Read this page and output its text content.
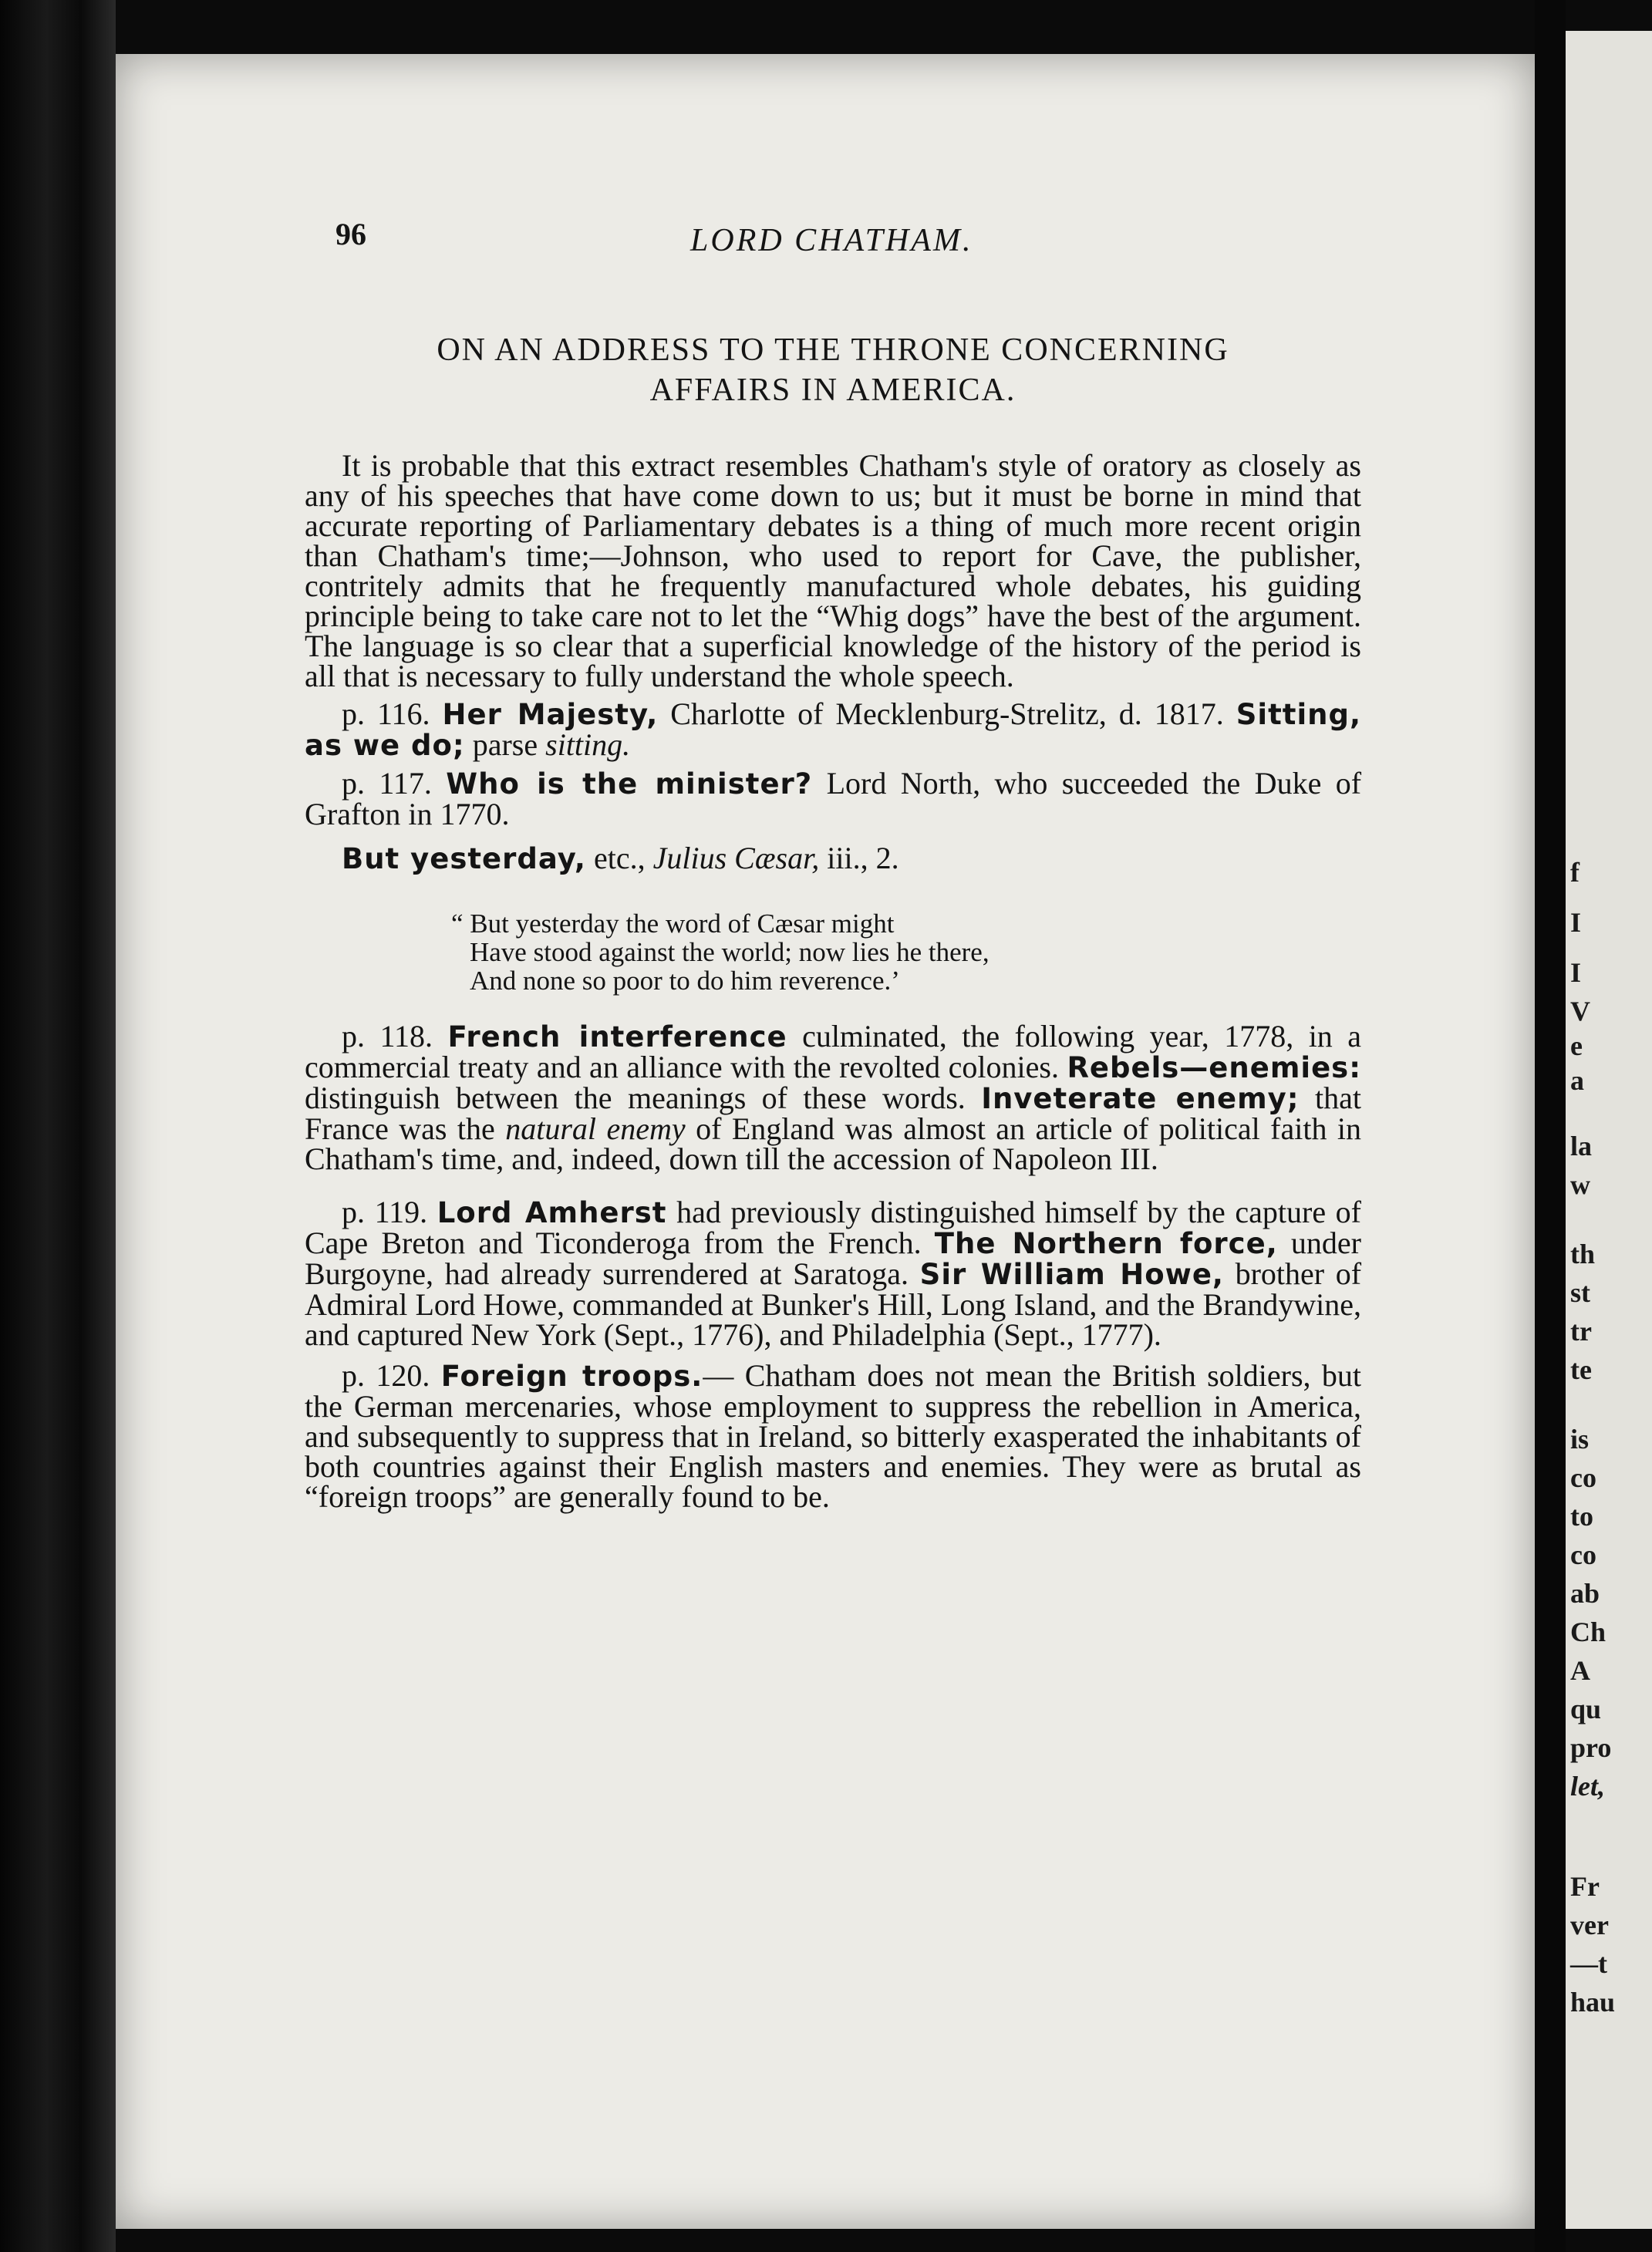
f
I
I
V
e
a
la
w
th
st
tr
te
is
co
to
co
ab
Ch
A
qu
pro
let,
Fr
ver
—t
hau
96	LORD CHATHAM.
ON AN ADDRESS TO THE THRONE CONCERNING
AFFAIRS IN AMERICA.

It is probable that this extract resembles Chatham's style of oratory as closely as any of his speeches that have come down to us; but it must be borne in mind that accurate reporting of Parliamentary debates is a thing of much more recent origin than Chatham's time;—Johnson, who used to report for Cave, the publisher, contritely admits that he frequently manufactured whole debates, his guiding principle being to take care not to let the “Whig dogs” have the best of the argument. The language is so clear that a superficial knowledge of the history of the period is all that is necessary to fully understand the whole speech.

p. 116. Her Majesty, Charlotte of Mecklenburg-Strelitz, d. 1817. Sitting, as we do; parse sitting.

p. 117. Who is the minister? Lord North, who succeeded the Duke of Grafton in 1770.

But yesterday, etc., Julius Cæsar, iii., 2.

“ But yesterday the word of Cæsar might
Have stood against the world; now lies he there,
And none so poor to do him reverence.’

p. 118. French interference culminated, the following year, 1778, in a commercial treaty and an alliance with the revolted colonies. Rebels—enemies: distinguish between the meanings of these words. Inveterate enemy; that France was the natural enemy of England was almost an article of political faith in Chatham's time, and, indeed, down till the accession of Napoleon III.

p. 119. Lord Amherst had previously distinguished himself by the capture of Cape Breton and Ticonderoga from the French. The Northern force, under Burgoyne, had already surrendered at Saratoga. Sir William Howe, brother of Admiral Lord Howe, commanded at Bunker's Hill, Long Island, and the Brandywine, and captured New York (Sept., 1776), and Philadelphia (Sept., 1777).

p. 120. Foreign troops.— Chatham does not mean the British soldiers, but the German mercenaries, whose employment to suppress the rebellion in America, and subsequently to suppress that in Ireland, so bitterly exasperated the inhabitants of both countries against their English masters and enemies. They were as brutal as “foreign troops” are generally found to be.
